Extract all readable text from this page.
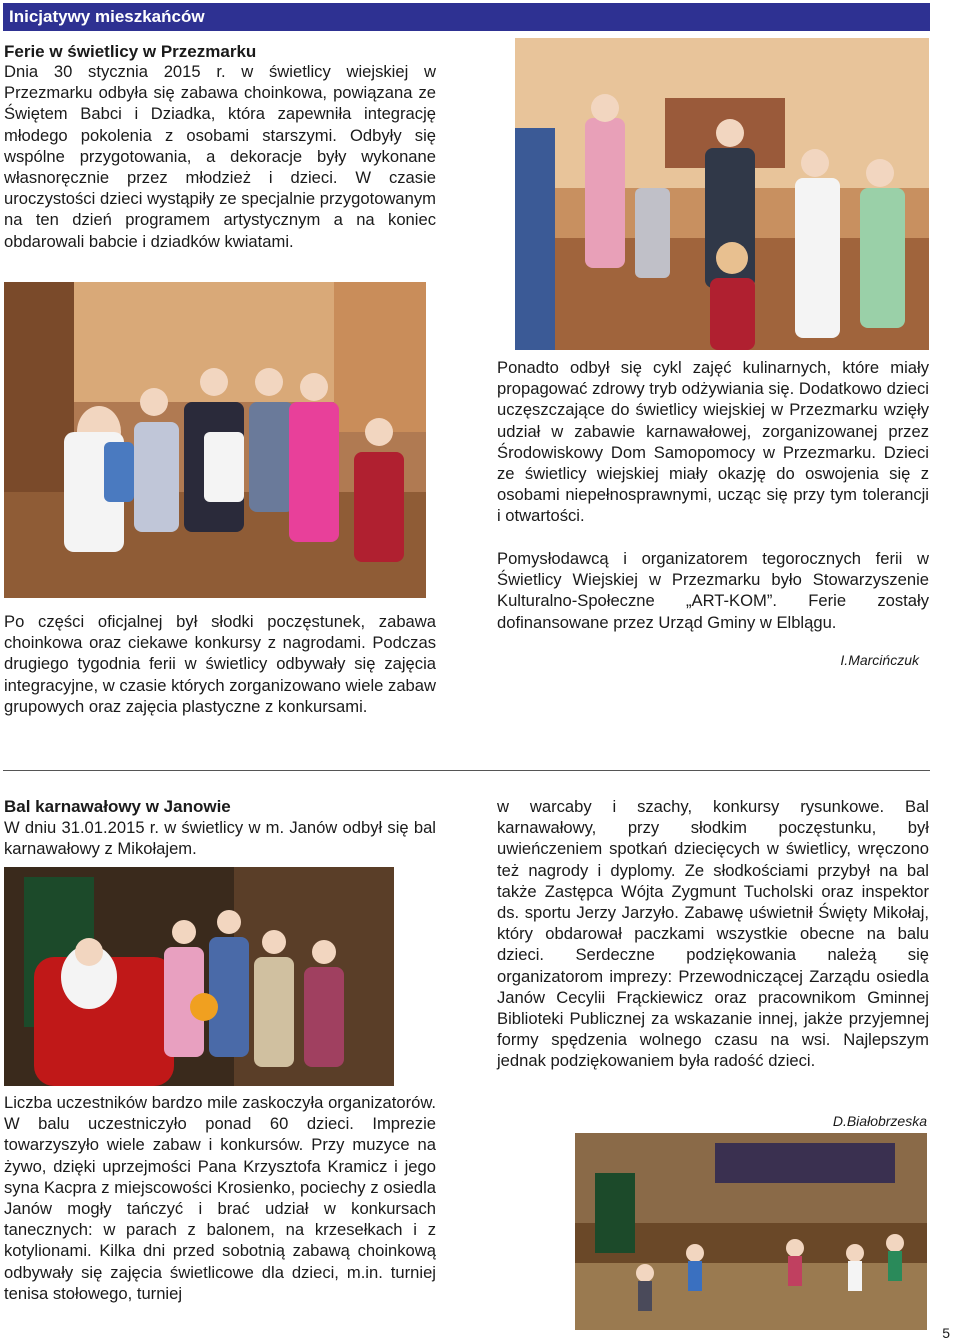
Inicjatywy mieszkańców
Ferie w świetlicy w Przezmarku

Dnia 30 stycznia 2015 r. w świetlicy wiejskiej w Przezmarku odbyła się zabawa choinkowa, powiązana ze Świętem Babci i Dziadka, która zapewniła integrację młodego pokolenia z osobami starszymi. Odbyły się wspólne przygotowania, a dekoracje były wykonane własnoręcznie przez młodzież i dzieci. W czasie uroczystości dzieci wystąpiły ze specjalnie przygotowanym na ten dzień programem artystycznym a na koniec obdarowali babcie i dziadków kwiatami.

Po części oficjalnej był słodki poczęstunek, zabawa choinkowa oraz ciekawe konkursy z nagrodami. Podczas drugiego tygodnia ferii w świetlicy odbywały się zajęcia integracyjne, w czasie których zorganizowano wiele zabaw grupowych oraz zajęcia plastyczne z konkursami.

Ponadto odbył się cykl zajęć kulinarnych, które miały propagować zdrowy tryb odżywiania się. Dodatkowo dzieci uczęszczające do świetlicy wiejskiej w Przezmarku wzięły udział w zabawie karnawałowej, zorganizowanej przez Środowiskowy Dom Samopomocy w Przezmarku. Dzieci ze świetlicy wiejskiej miały okazję do oswojenia się z osobami niepełnosprawnymi, ucząc się przy tym tolerancji i otwartości.

Pomysłodawcą i organizatorem tegorocznych ferii w Świetlicy Wiejskiej w Przezmarku było Stowarzyszenie Kulturalno-Społeczne „ART-KOM”. Ferie zostały dofinansowane przez Urząd Gminy w Elblągu.

I.Marcińczuk
Bal karnawałowy w Janowie

W dniu 31.01.2015 r. w świetlicy w m. Janów odbył się bal karnawałowy z Mikołajem.

Liczba uczestników bardzo mile zaskoczyła organizatorów. W balu uczestniczyło ponad 60 dzieci. Imprezie towarzyszyło wiele zabaw i konkursów. Przy muzyce na żywo, dzięki uprzejmości Pana Krzysztofa Kramicz i jego syna Kacpra z miejscowości Krosienko, pociechy z osiedla Janów mogły tańczyć i brać udział w konkursach tanecznych: w parach z balonem, na krzesełkach i z kotylionami. Kilka dni przed sobotnią zabawą choinkową odbywały się zajęcia świetlicowe dla dzieci, m.in. turniej tenisa stołowego, turniej

w warcaby i szachy, konkursy rysunkowe. Bal karnawałowy, przy słodkim poczęstunku, był uwieńczeniem spotkań dziecięcych w świetlicy, wręczono też nagrody i dyplomy. Ze słodkościami przybył na bal także Zastępca Wójta Zygmunt Tucholski oraz inspektor ds. sportu Jerzy Jarzyło. Zabawę uświetnił Święty Mikołaj, który obdarował paczkami wszystkie obecne na balu dzieci. Serdeczne podziękowania należą się organizatorom imprezy: Przewodniczącej Zarządu osiedla Janów Cecylii Frąckiewicz oraz pracownikom Gminnej Biblioteki Publicznej za wskazanie innej, jakże przyjemnej formy spędzenia wolnego czasu na wsi. Najlepszym jednak podziękowaniem była radość dzieci.

D.Białobrzeska
5
